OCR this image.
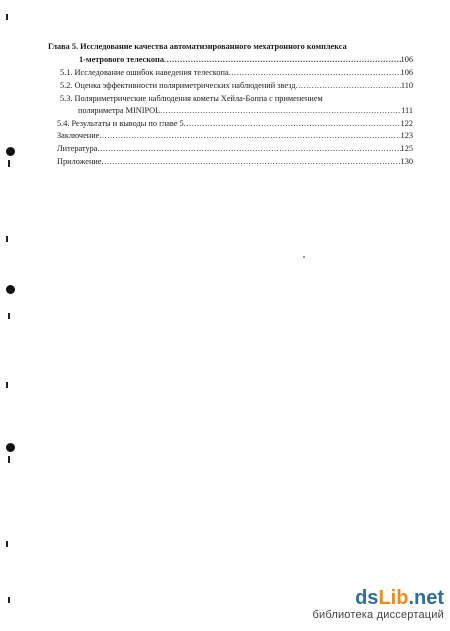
Глава 5. Исследование качества автоматизированного мехатронного комплекса
1-метрового телескопа .....	106
5.1. Исследование ошибок наведения телескопа .....	106
5.2. Оценка эффективности поляриметрических наблюдений звезд .....	110
5.3. Поляриметрические наблюдения кометы Хейла-Боппа с применением
поляриметра MINIPOL .....	111
5.4. Результаты и выводы по главе 5 .....	122
Заключение .....	123
Литература .....	125
Приложение .....	130
ds Lib .net
библиотека диссертаций
